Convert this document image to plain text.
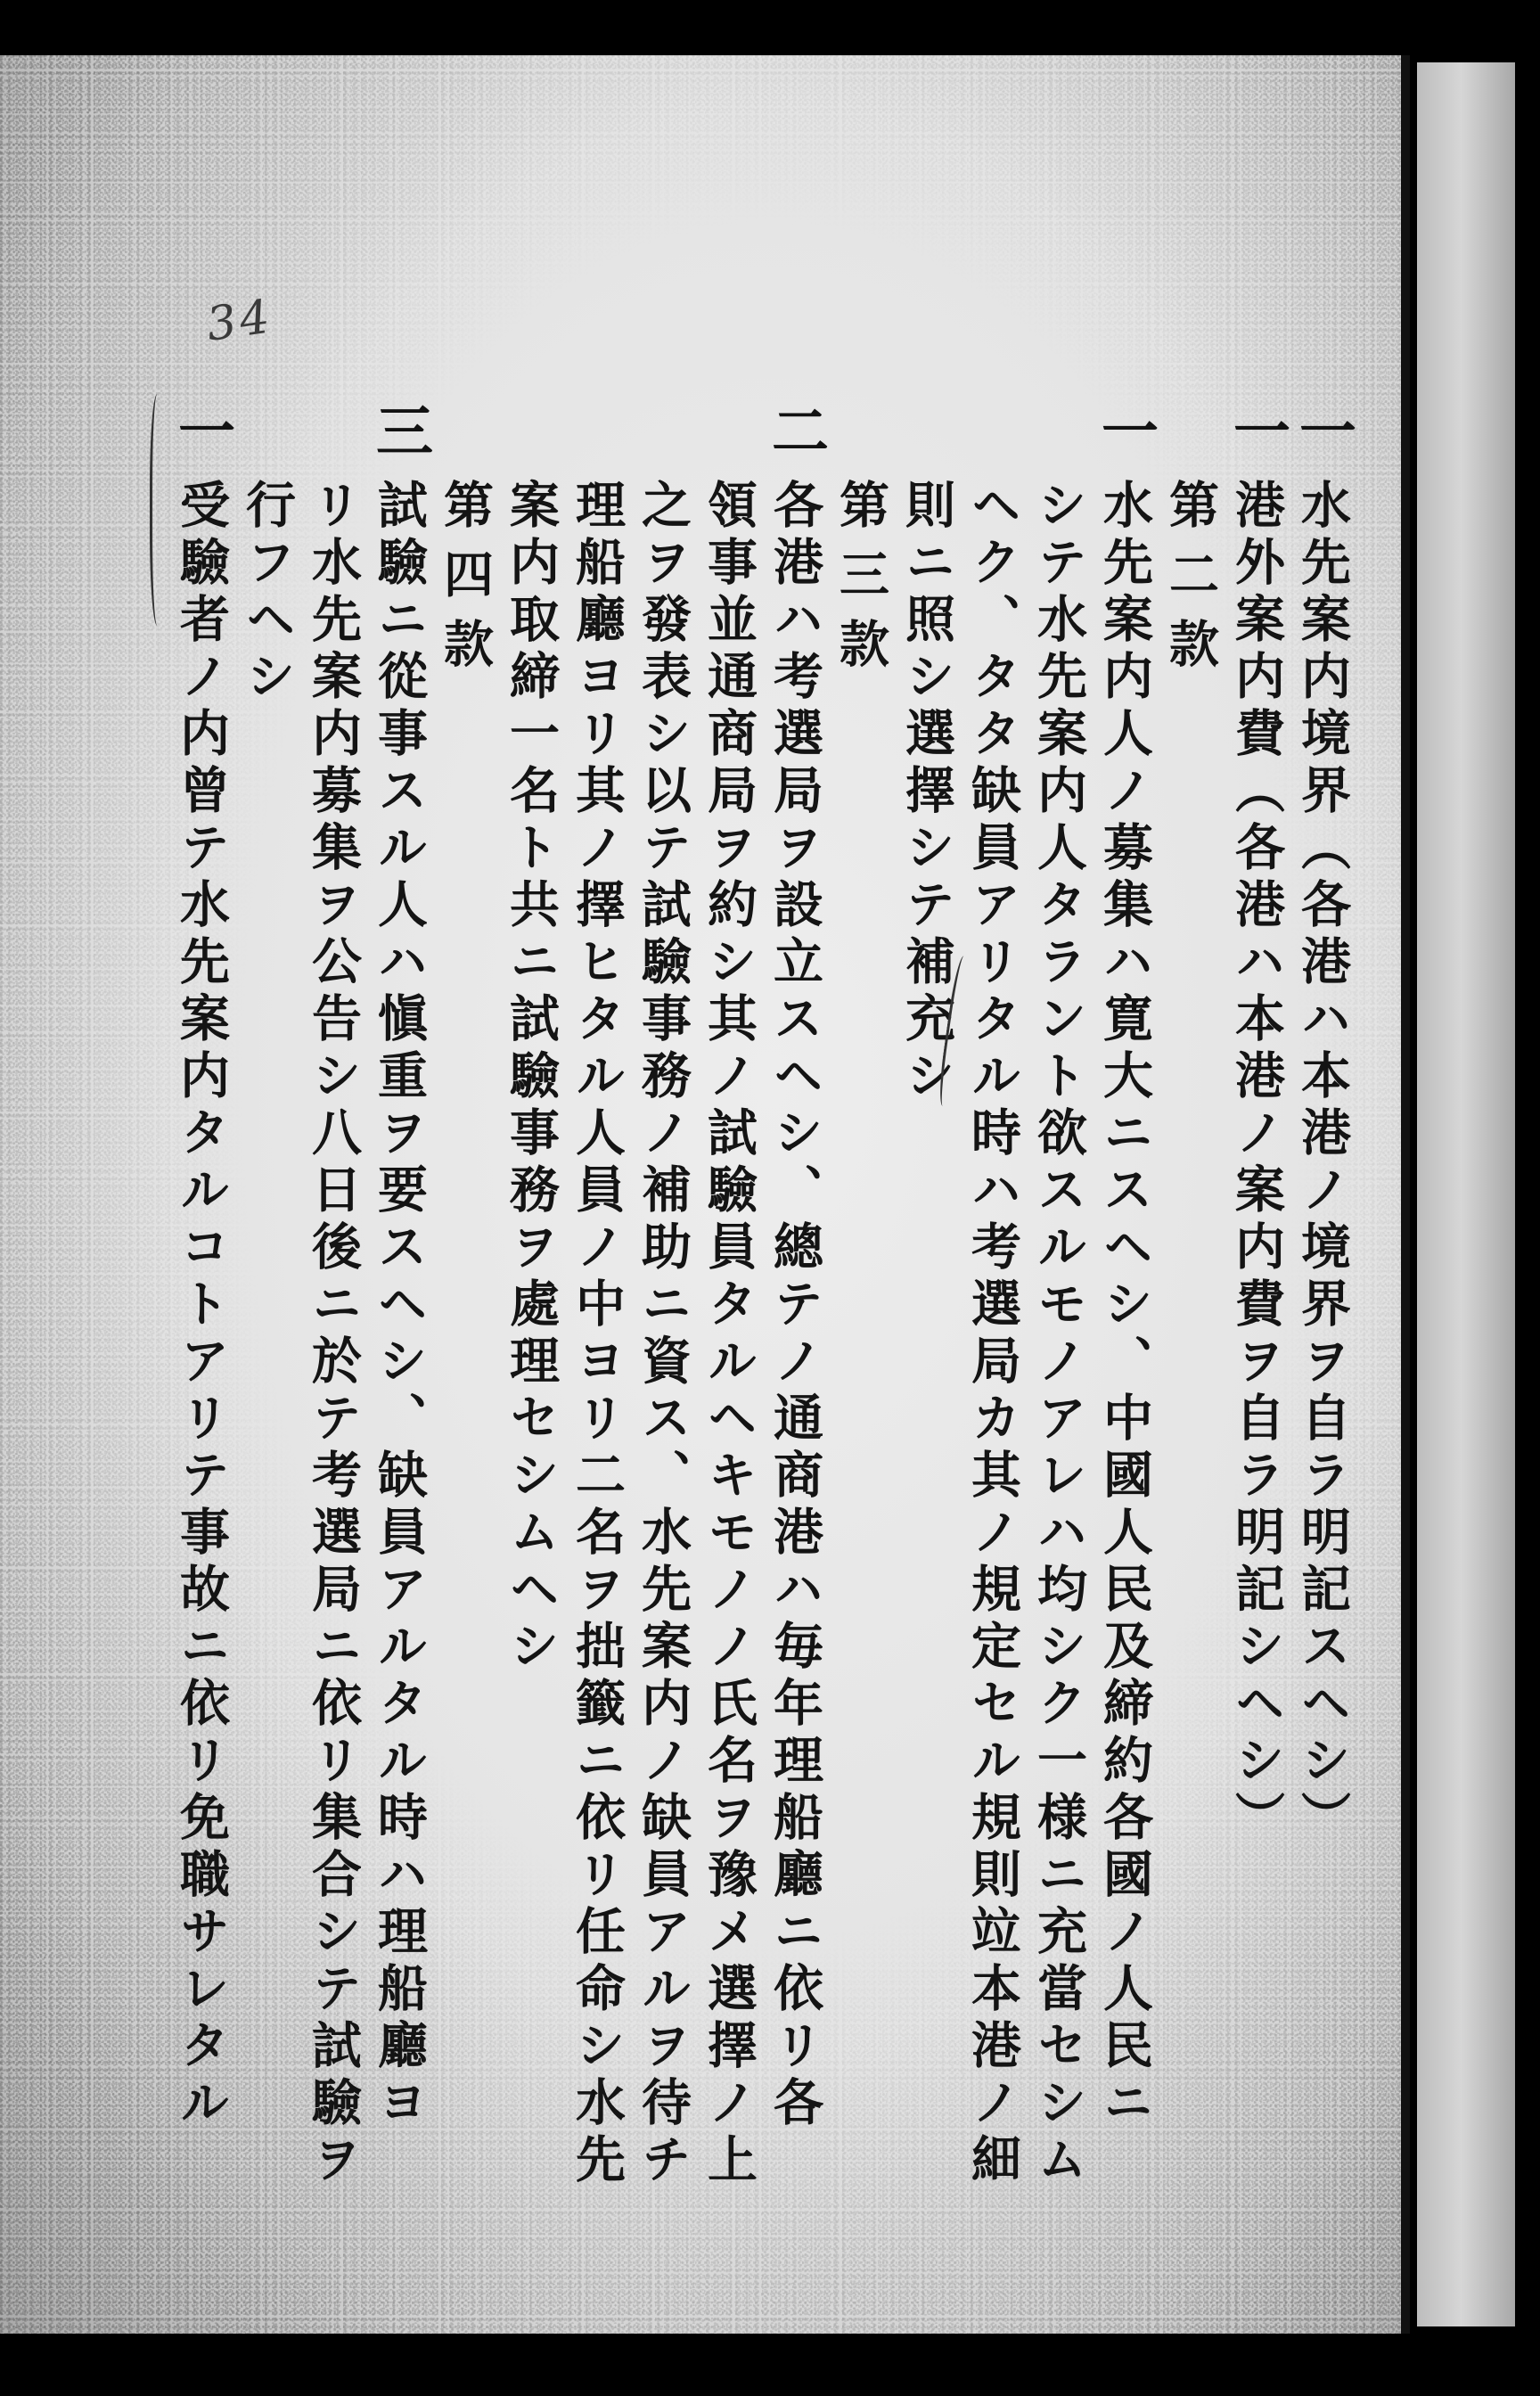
34
一
水先案内境界（各港ハ本港ノ境界ヲ自ラ明記スヘシ）
一
港外案内費（各港ハ本港ノ案内費ヲ自ラ明記シヘシ）
第二款
一
水先案内人ノ募集ハ寛大ニスヘシ、中國人民及締約各國ノ人民ニ
シテ水先案内人タラント欲スルモノアレハ均シク一様ニ充當セシム
ヘク、タタ缺員アリタル時ハ考選局カ其ノ規定セル規則竝本港ノ細
則ニ照シ選擇シテ補充シ
第三款
二
各港ハ考選局ヲ設立スヘシ、總テノ通商港ハ毎年理船廳ニ依リ各
領事並通商局ヲ約シ其ノ試驗員タルヘキモノノ氏名ヲ豫メ選擇ノ上
之ヲ發表シ以テ試驗事務ノ補助ニ資ス、水先案内ノ缺員アルヲ待チ
理船廳ヨリ其ノ擇ヒタル人員ノ中ヨリ二名ヲ拙籤ニ依リ任命シ水先
案内取締一名ト共ニ試驗事務ヲ處理セシムヘシ
第四款
三
試驗ニ從事スル人ハ愼重ヲ要スヘシ、缺員アルタル時ハ理船廳ヨ
リ水先案内募集ヲ公告シ八日後ニ於テ考選局ニ依リ集合シテ試驗ヲ
行フヘシ
一
受驗者ノ内曾テ水先案内タルコトアリテ事故ニ依リ免職サレタル
